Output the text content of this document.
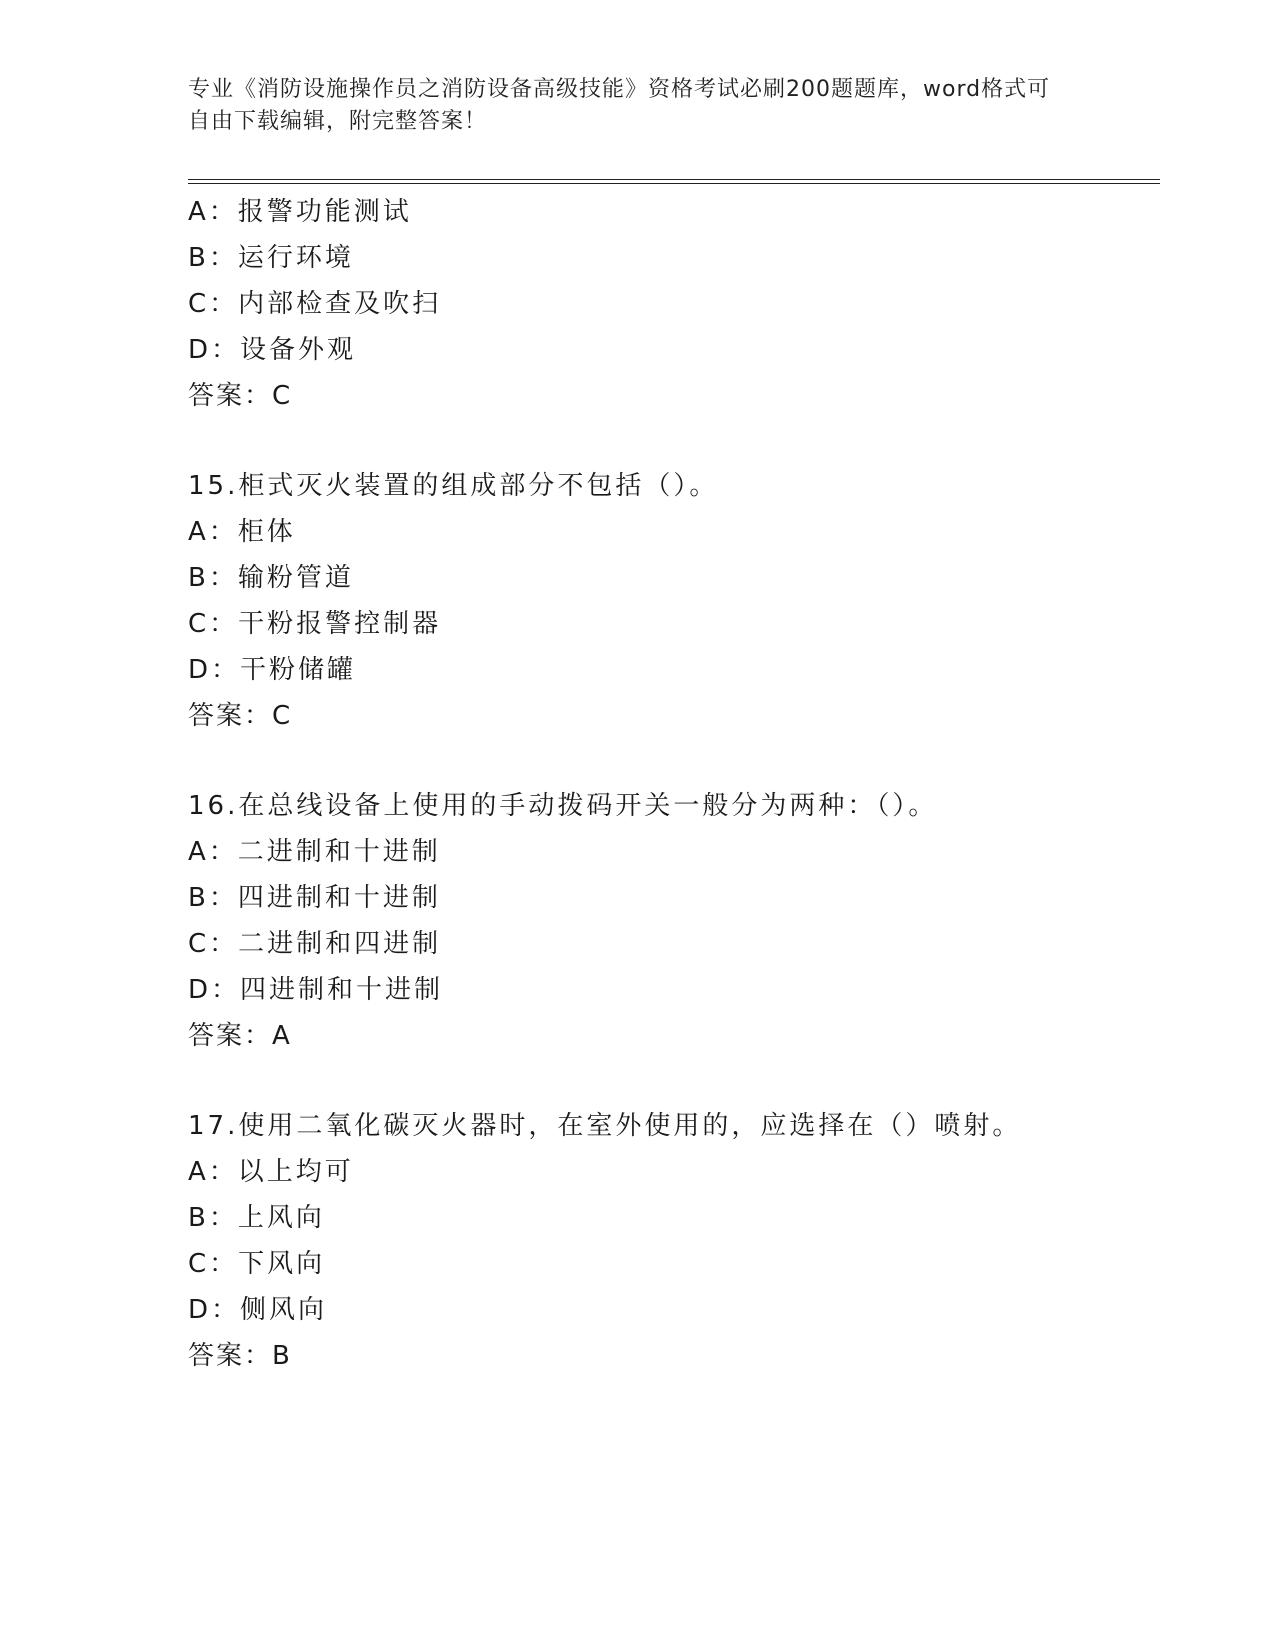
专业《消防设施操作员之消防设备高级技能》资格考试必刷200题题库，word格式可自由下载编辑，附完整答案！
A：报警功能测试
B：运行环境
C：内部检查及吹扫
D：设备外观
答案：C
15.柜式灭火装置的组成部分不包括（）。
A：柜体
B：输粉管道
C：干粉报警控制器
D：干粉储罐
答案：C
16.在总线设备上使用的手动拨码开关一般分为两种：（）。
A：二进制和十进制
B：四进制和十进制
C：二进制和四进制
D：四进制和十进制
答案：A
17.使用二氧化碳灭火器时，在室外使用的，应选择在（）喷射。
A：以上均可
B：上风向
C：下风向
D：侧风向
答案：B
